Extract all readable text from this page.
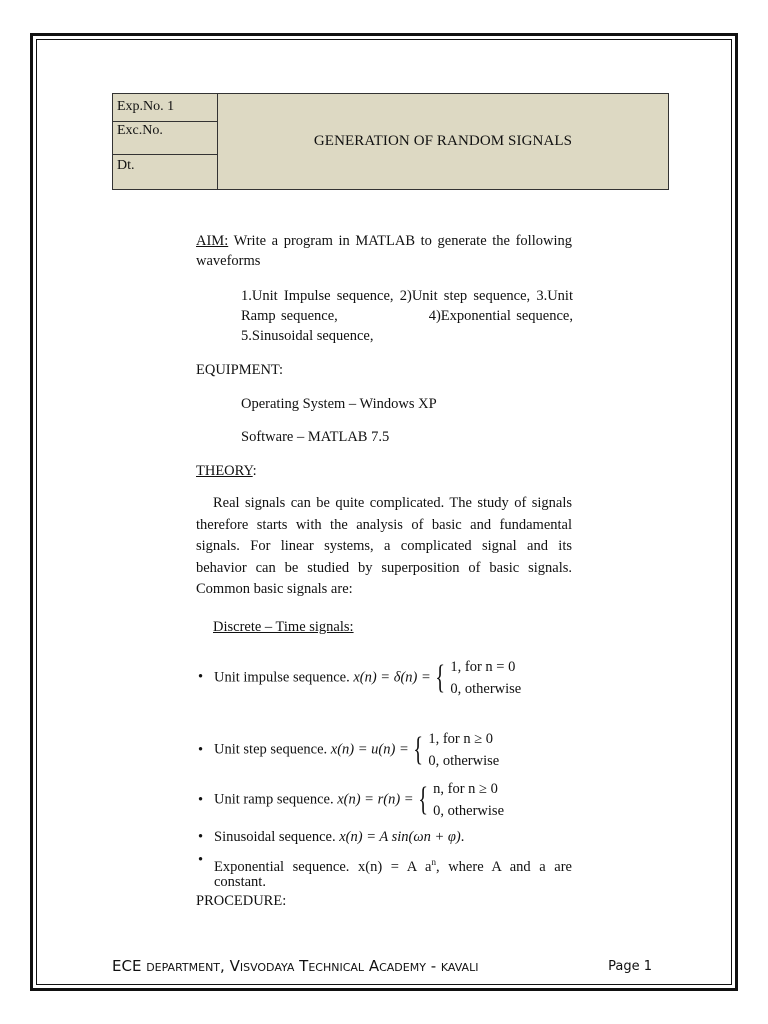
Exp.No. 1
Exc.No.
Dt.
GENERATION OF RANDOM SIGNALS
AIM: Write a program in MATLAB to generate the following waveforms
1.Unit Impulse sequence, 2)Unit step sequence, 3.Unit Ramp sequence,                 4)Exponential sequence, 5.Sinusoidal sequence,
EQUIPMENT:
Operating System – Windows XP
Software – MATLAB 7.5
THEORY:
Real signals can be quite complicated. The study of signals therefore starts with the analysis of basic and fundamental signals. For linear systems, a complicated signal and its behavior can be studied by superposition of basic signals. Common basic signals are:
Discrete – Time signals:
• Unit impulse sequence. x(n) = δ(n) = { 1, for n = 0
0, otherwise
• Unit step sequence. x(n) = u(n) = { 1, for n ≥ 0
0, otherwise
• Unit ramp sequence. x(n) = r(n) = { n, for n ≥ 0
0, otherwise
• Sinusoidal sequence. x(n) = A sin(ωn + φ).
• Exponential sequence. x(n) = A $a^n$, where A and a are
constant.
PROCEDURE:
ECE department, Visvodaya Technical Academy - kavali	Page 1
